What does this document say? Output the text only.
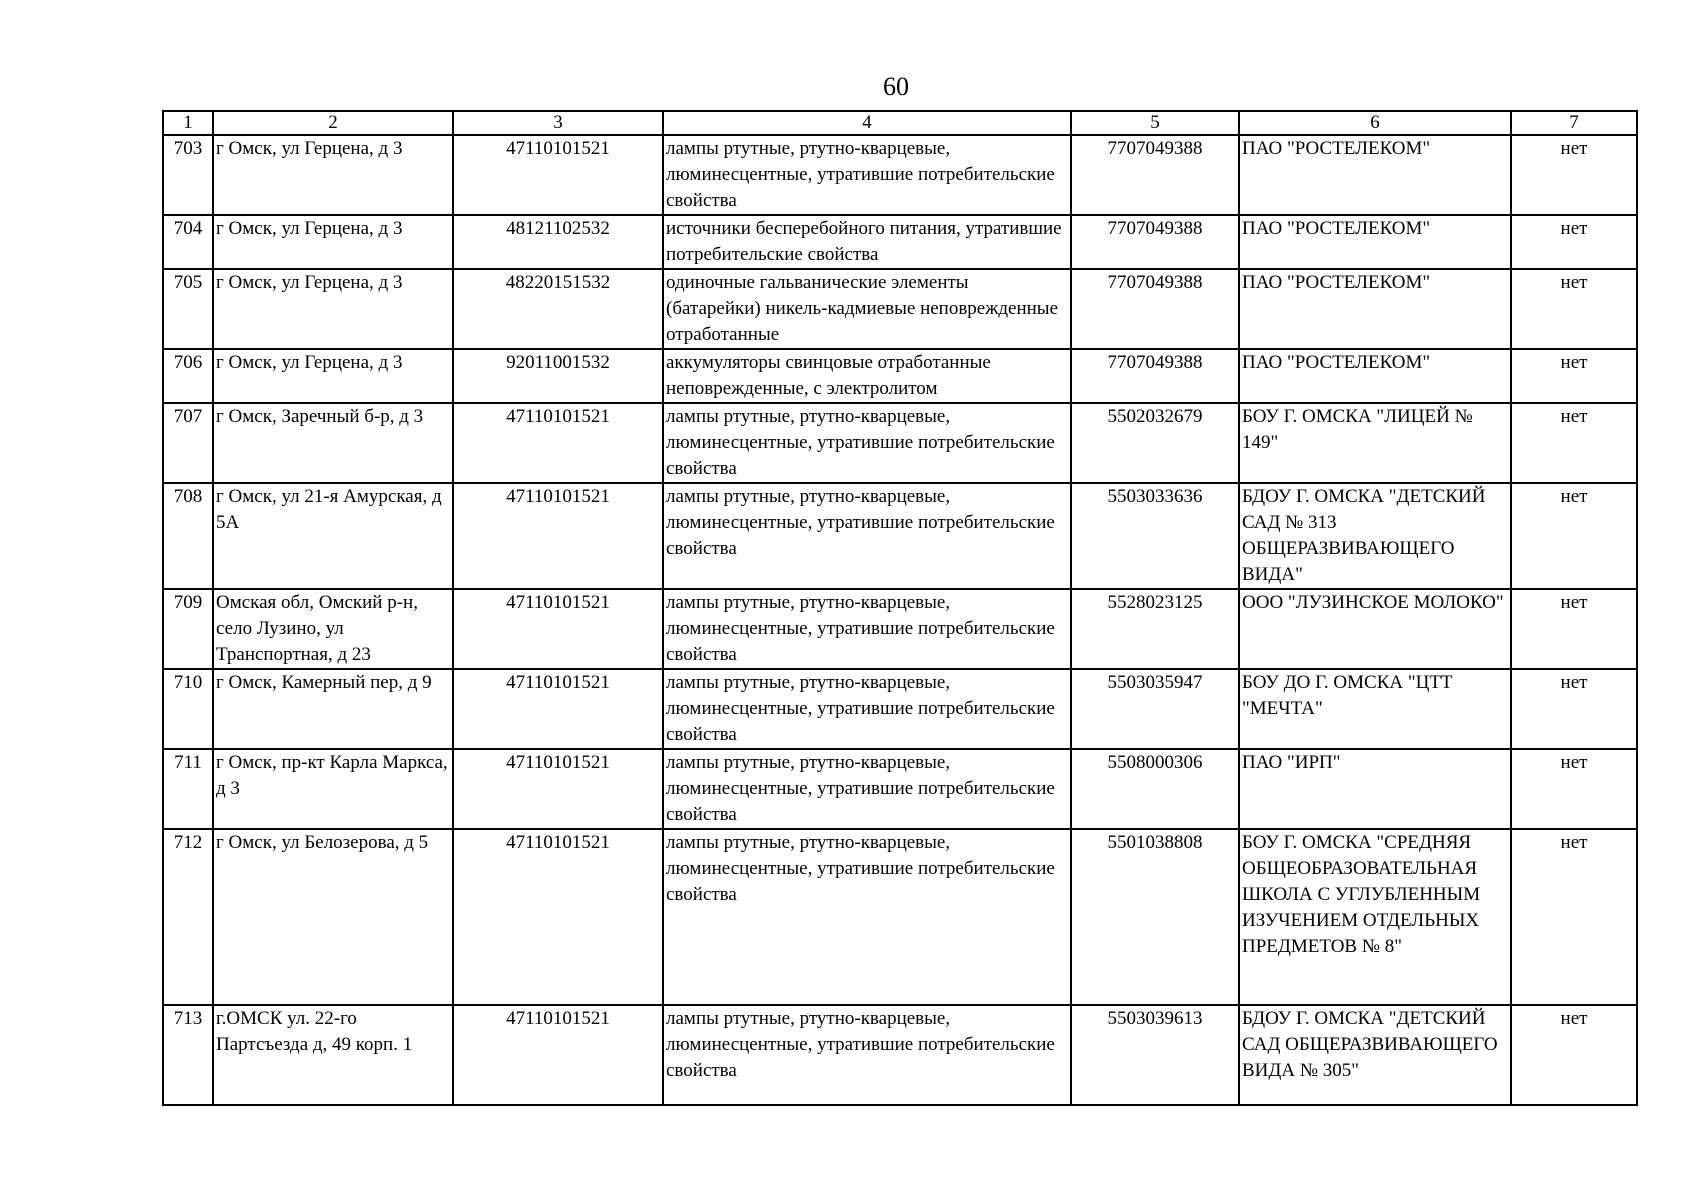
60
1	2	3	4	5	6	7
703	г Омск, ул Герцена, д 3	47110101521	лампы ртутные, ртутно-кварцевые, люминесцентные, утратившие потребительские свойства	7707049388	ПАО "РОСТЕЛЕКОМ"	нет
704	г Омск, ул Герцена, д 3	48121102532	источники бесперебойного питания, утратившие потребительские свойства	7707049388	ПАО "РОСТЕЛЕКОМ"	нет
705	г Омск, ул Герцена, д 3	48220151532	одиночные гальванические элементы (батарейки) никель-кадмиевые неповрежденные отработанные	7707049388	ПАО "РОСТЕЛЕКОМ"	нет
706	г Омск, ул Герцена, д 3	92011001532	аккумуляторы свинцовые отработанные неповрежденные, с электролитом	7707049388	ПАО "РОСТЕЛЕКОМ"	нет
707	г Омск, Заречный б-р, д 3	47110101521	лампы ртутные, ртутно-кварцевые, люминесцентные, утратившие потребительские свойства	5502032679	БОУ Г. ОМСКА "ЛИЦЕЙ № 149"	нет
708	г Омск, ул 21-я Амурская, д 5А	47110101521	лампы ртутные, ртутно-кварцевые, люминесцентные, утратившие потребительские свойства	5503033636	БДОУ Г. ОМСКА "ДЕТСКИЙ САД № 313 ОБЩЕРАЗВИВАЮЩЕГО ВИДА"	нет
709	Омская обл, Омский р-н, село Лузино, ул Транспортная, д 23	47110101521	лампы ртутные, ртутно-кварцевые, люминесцентные, утратившие потребительские свойства	5528023125	ООО "ЛУЗИНСКОЕ МОЛОКО"	нет
710	г Омск, Камерный пер, д 9	47110101521	лампы ртутные, ртутно-кварцевые, люминесцентные, утратившие потребительские свойства	5503035947	БОУ ДО Г. ОМСКА "ЦТТ "МЕЧТА"	нет
711	г Омск, пр-кт Карла Маркса, д 3	47110101521	лампы ртутные, ртутно-кварцевые, люминесцентные, утратившие потребительские свойства	5508000306	ПАО "ИРП"	нет
712	г Омск, ул Белозерова, д 5	47110101521	лампы ртутные, ртутно-кварцевые, люминесцентные, утратившие потребительские свойства	5501038808	БОУ Г. ОМСКА "СРЕДНЯЯ ОБЩЕОБРАЗОВАТЕЛЬНАЯ ШКОЛА С УГЛУБЛЕННЫМ ИЗУЧЕНИЕМ ОТДЕЛЬНЫХ ПРЕДМЕТОВ № 8"	нет
713	г.ОМСК ул. 22-го Партсъезда д, 49 корп. 1	47110101521	лампы ртутные, ртутно-кварцевые, люминесцентные, утратившие потребительские свойства	5503039613	БДОУ Г. ОМСКА "ДЕТСКИЙ САД ОБЩЕРАЗВИВАЮЩЕГО ВИДА № 305"	нет
